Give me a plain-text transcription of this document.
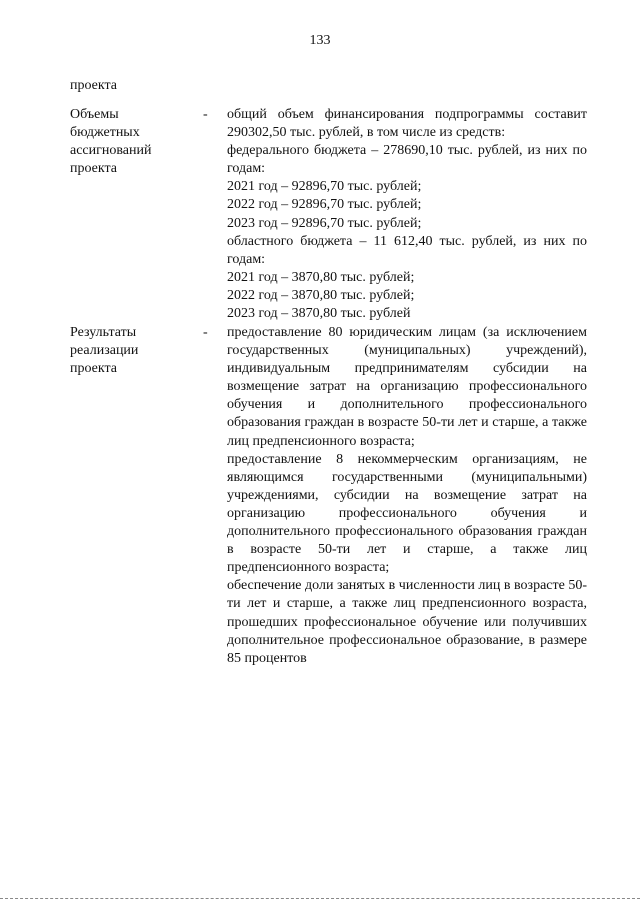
133
проекта
Объемы
бюджетных
ассигнований
проекта
- общий объем финансирования подпрограммы составит 290302,50 тыс. рублей, в том числе из средств:

федерального бюджета – 278690,10 тыс. рублей, из них по годам:

2021 год – 92896,70 тыс. рублей;

2022 год – 92896,70 тыс. рублей;

2023 год – 92896,70 тыс. рублей;

областного бюджета – 11 612,40 тыс. рублей, из них по годам:

2021 год – 3870,80 тыс. рублей;

2022 год – 3870,80 тыс. рублей;

2023 год – 3870,80 тыс. рублей

Результаты
реализации
проекта
- предоставление 80 юридическим лицам (за исключением государственных (муниципальных) учреждений), индивидуальным предпринимателям субсидии на возмещение затрат на организацию профессионального обучения и дополнительного профессионального образования граждан в возрасте 50-ти лет и старше, а также лиц предпенсионного возраста;

предоставление 8 некоммерческим организациям, не являющимся государственными (муниципальными) учреждениями, субсидии на возмещение затрат на организацию профессионального обучения и дополнительного профессионального образования граждан в возрасте 50-ти лет и старше, а также лиц предпенсионного возраста;

обеспечение доли занятых в численности лиц в возрасте 50-ти лет и старше, а также лиц предпенсионного возраста, прошедших профессиональное обучение или получивших дополнительное профессиональное образование, в размере 85 процентов
